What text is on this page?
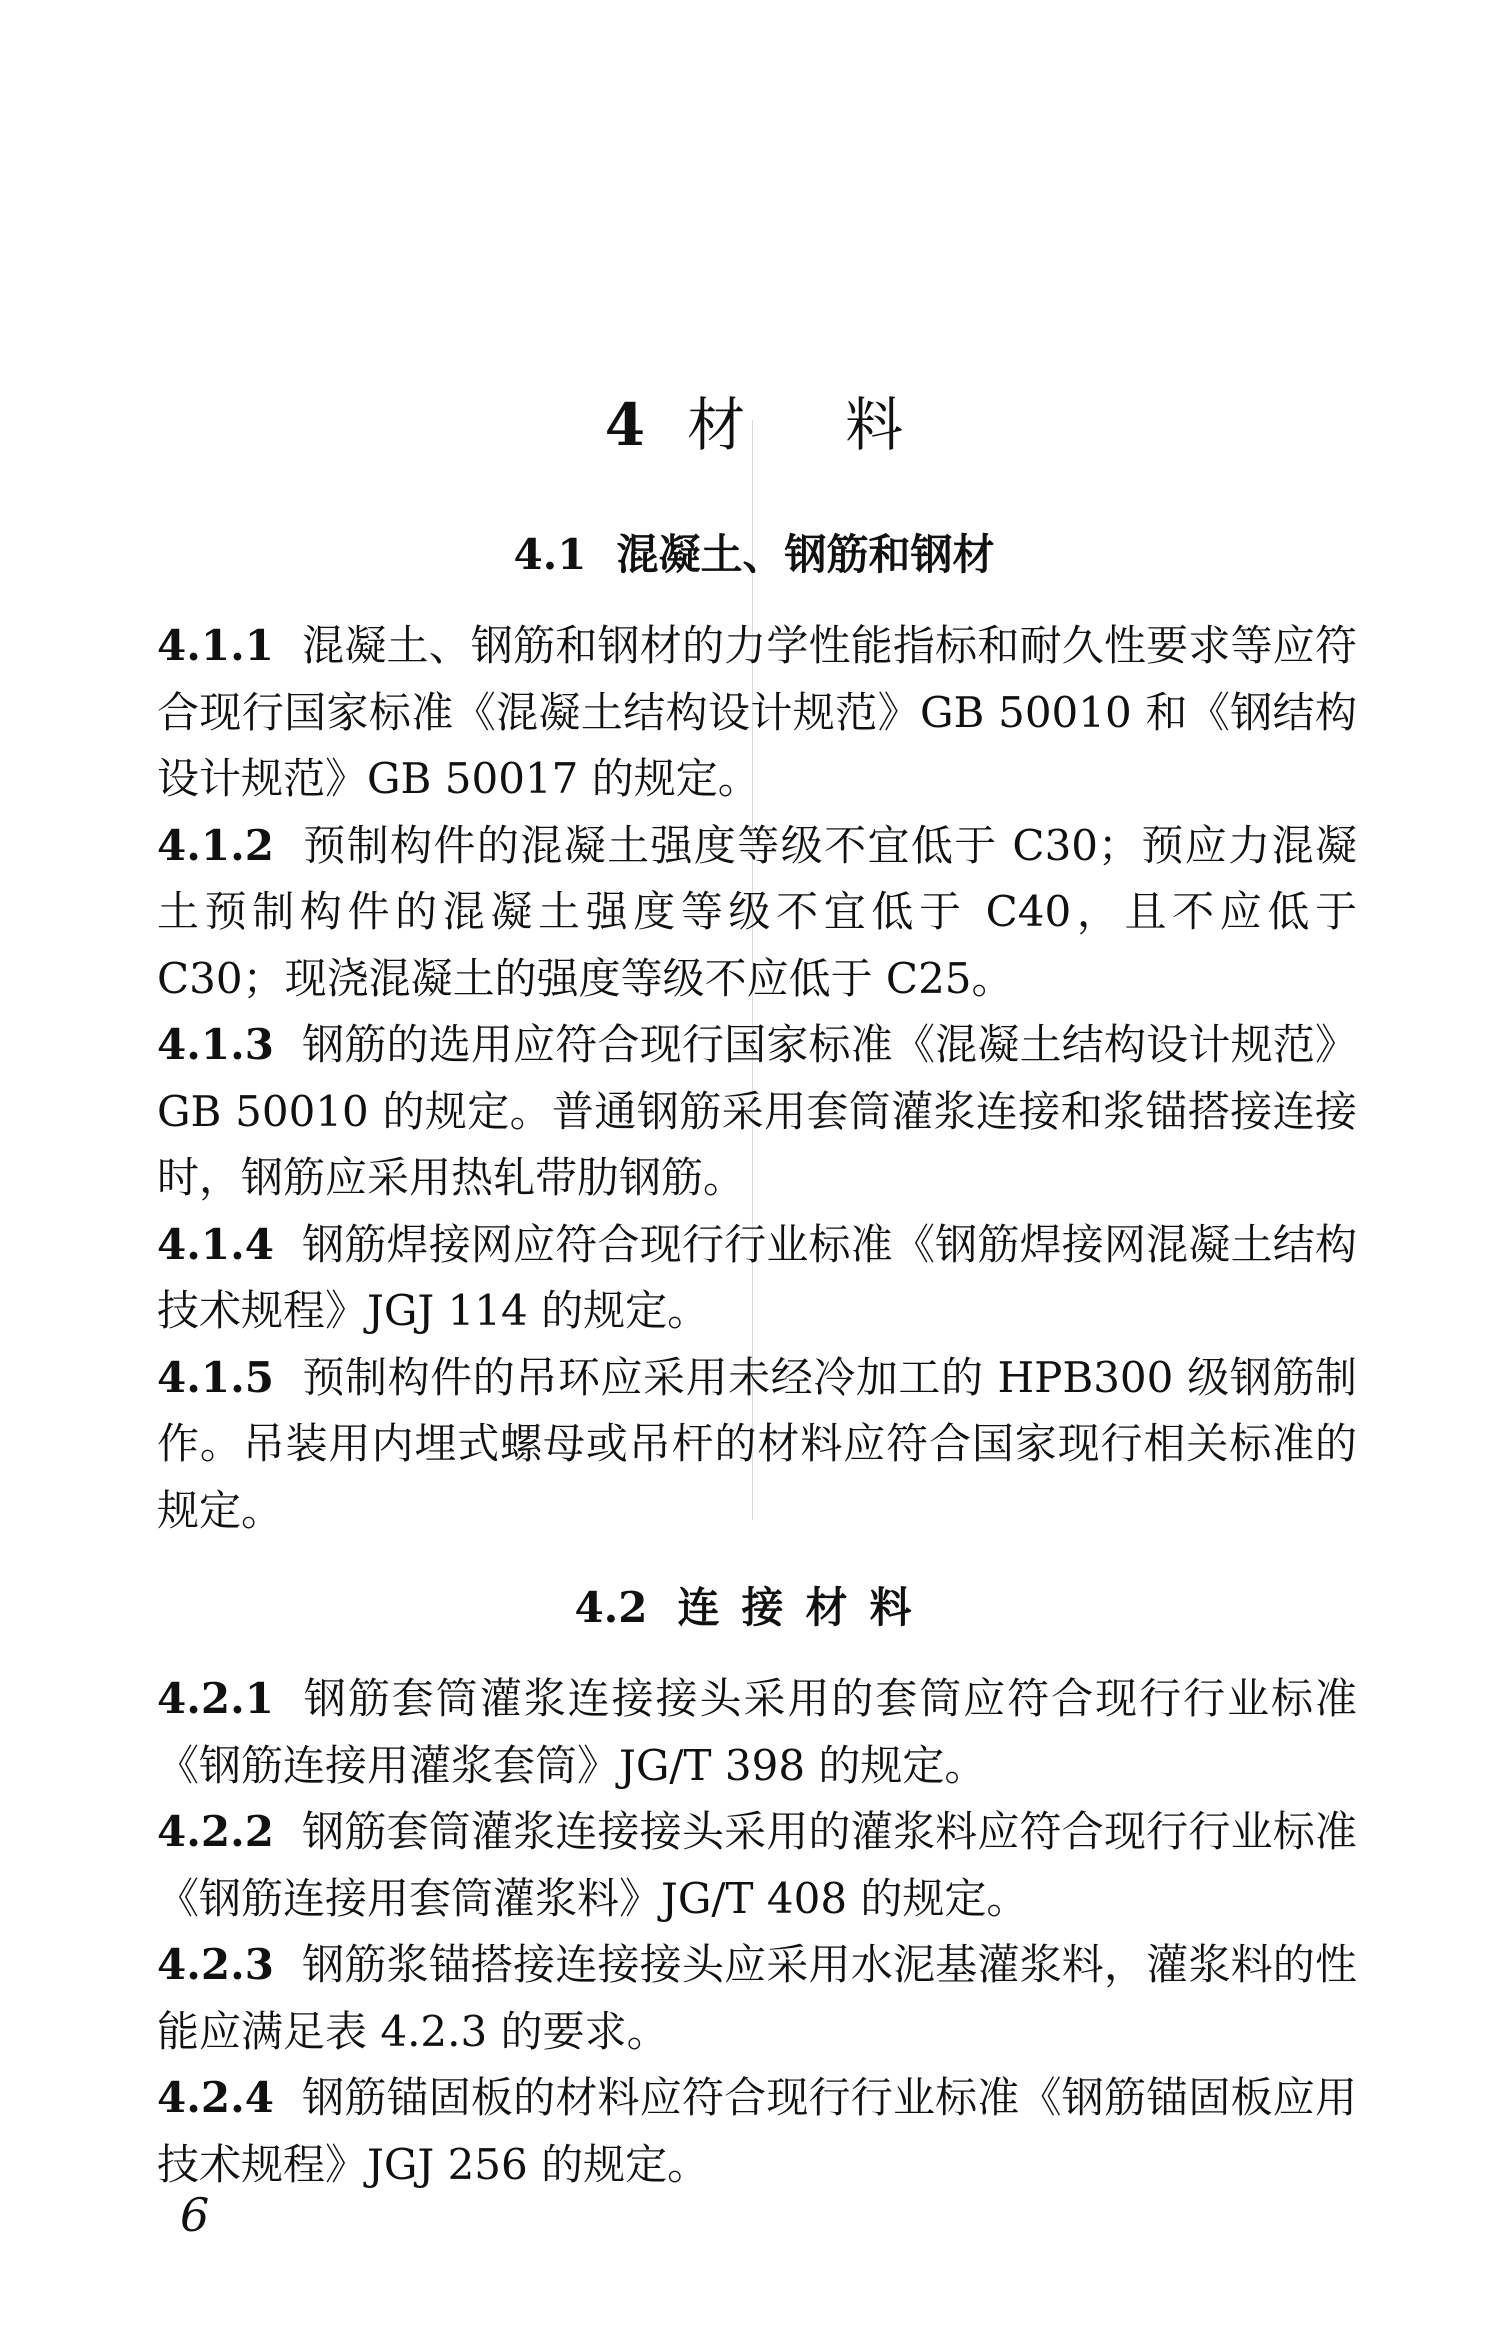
4 材 料
4.1 混凝土、钢筋和钢材

4.1.1 混凝土、钢筋和钢材的力学性能指标和耐久性要求等应符合现行国家标准《混凝土结构设计规范》GB 50010 和《钢结构设计规范》GB 50017 的规定。

4.1.2 预制构件的混凝土强度等级不宜低于 C30；预应力混凝土预制构件的混凝土强度等级不宜低于 C40，且不应低于 C30；现浇混凝土的强度等级不应低于 C25。

4.1.3 钢筋的选用应符合现行国家标准《混凝土结构设计规范》GB 50010 的规定。普通钢筋采用套筒灌浆连接和浆锚搭接连接时，钢筋应采用热轧带肋钢筋。

4.1.4 钢筋焊接网应符合现行行业标准《钢筋焊接网混凝土结构技术规程》JGJ 114 的规定。

4.1.5 预制构件的吊环应采用未经冷加工的 HPB300 级钢筋制作。吊装用内埋式螺母或吊杆的材料应符合国家现行相关标准的规定。

4.2 连接材料

4.2.1 钢筋套筒灌浆连接接头采用的套筒应符合现行行业标准《钢筋连接用灌浆套筒》JG/T 398 的规定。

4.2.2 钢筋套筒灌浆连接接头采用的灌浆料应符合现行行业标准《钢筋连接用套筒灌浆料》JG/T 408 的规定。

4.2.3 钢筋浆锚搭接连接接头应采用水泥基灌浆料，灌浆料的性能应满足表 4.2.3 的要求。

4.2.4 钢筋锚固板的材料应符合现行行业标准《钢筋锚固板应用技术规程》JGJ 256 的规定。

6
